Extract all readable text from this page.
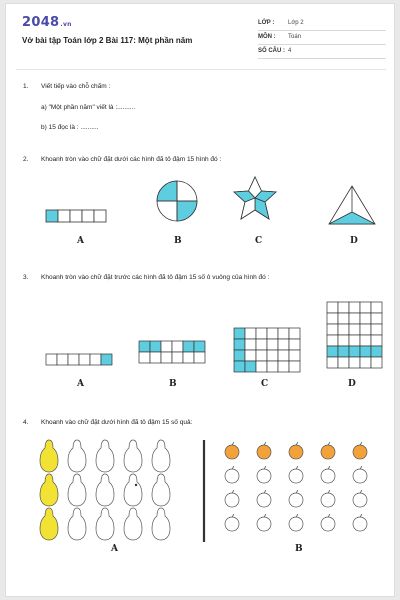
2048.vn
Vở bài tập Toán lớp 2 Bài 117: Một phần năm
LỚP : Lớp 2
MÔN : Toán
SỐ CÂU : 4
1. Viết tiếp vào chỗ chấm :
a) "Một phần năm" viết là :..........
b) 15 đọc là : ..........
2. Khoanh tròn vào chữ đặt dưới các hình đã tô đậm 15 hình đó :
A	B	C	D
3. Khoanh tròn vào chữ đặt trước các hình đã tô đậm 15 số ô vuông của hình đó :
A	B	C	D
4. Khoanh vào chữ đặt dưới hình đã tô đậm 15 số quả:
A	B
